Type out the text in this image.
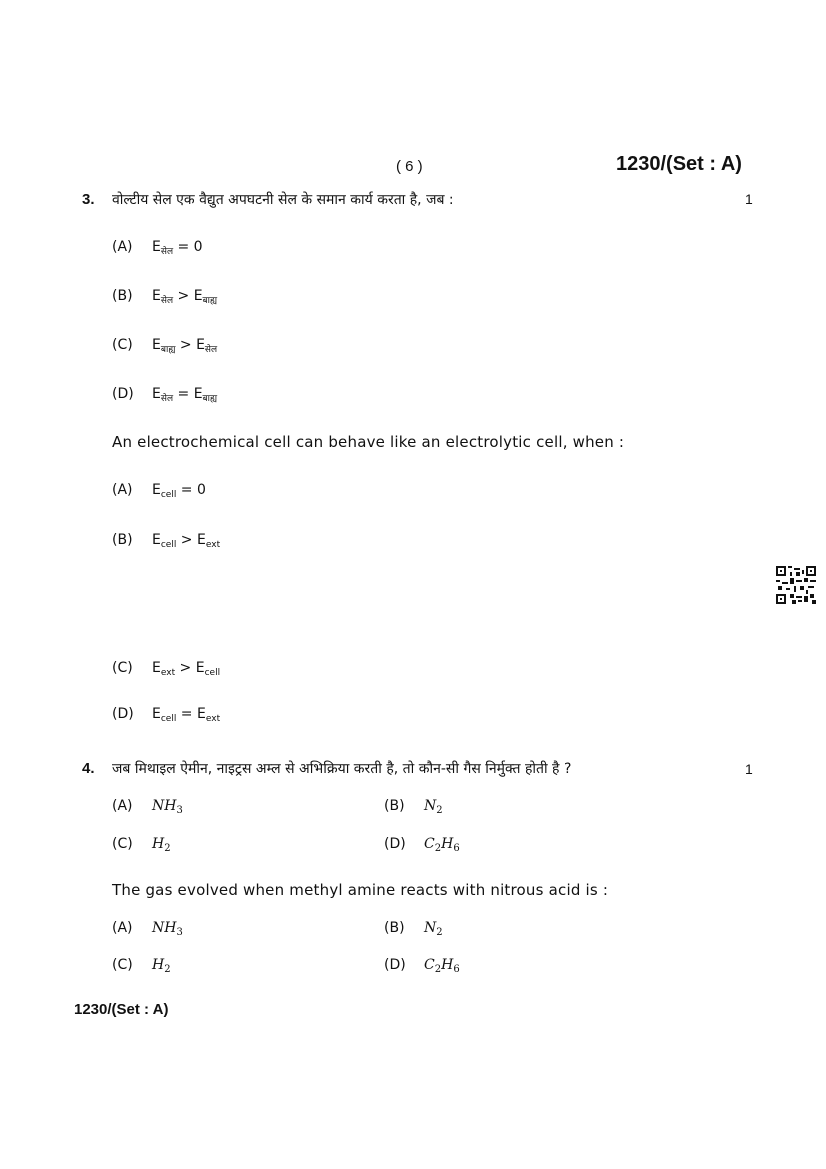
( 6 )	1230/(Set : A)
3. वोल्टीय सेल एक वैद्युत अपघटनी सेल के समान कार्य करता है, जब :	1
(A) $E_{सेल} = 0$
(B) $E_{सेल} > E_{बाह्य}$
(C) $E_{बाह्य} > E_{सेल}$
(D) $E_{सेल} = E_{बाह्य}$
An electrochemical cell can behave like an electrolytic cell, when :
(A) $E_{cell} = 0$
(B) $E_{cell} > E_{ext}$
(C) $E_{ext} > E_{cell}$
(D) $E_{cell} = E_{ext}$
4. जब मिथाइल ऐमीन, नाइट्रस अम्ल से अभिक्रिया करती है, तो कौन-सी गैस निर्मुक्त होती है ?	1
(A) $NH_3$	(B) $N_2$
(C) $H_2$	(D) $C_2H_6$
The gas evolved when methyl amine reacts with nitrous acid is :
(A) $NH_3$	(B) $N_2$
(C) $H_2$	(D) $C_2H_6$
1230/(Set : A)
